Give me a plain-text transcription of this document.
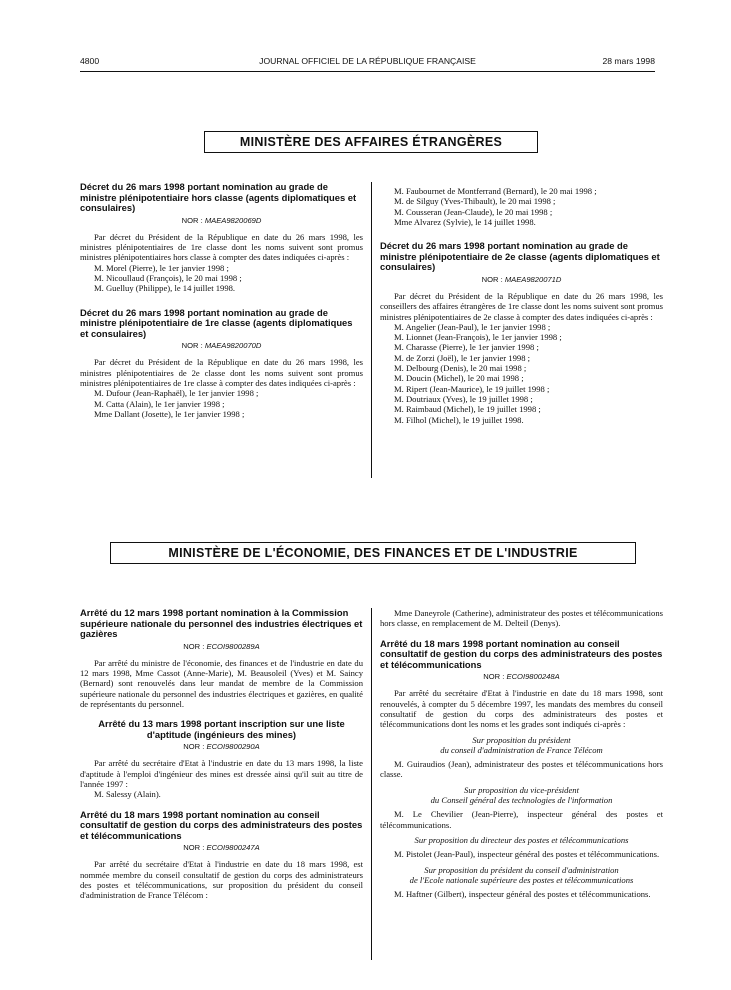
4800	JOURNAL OFFICIEL DE LA RÉPUBLIQUE FRANÇAISE	28 mars 1998
MINISTÈRE DES AFFAIRES ÉTRANGÈRES

Décret du 26 mars 1998 portant nomination au grade de ministre plénipotentiaire hors classe (agents diplomatiques et consulaires)

NOR : MAEA9820069D

Par décret du Président de la République en date du 26 mars 1998, les ministres plénipotentiaires de 1re classe dont les noms suivent sont promus ministres plénipotentiaires hors classe à compter des dates indiquées ci-après :

M. Morel (Pierre), le 1er janvier 1998 ;

M. Nicoullaud (François), le 20 mai 1998 ;

M. Guelluy (Philippe), le 14 juillet 1998.

Décret du 26 mars 1998 portant nomination au grade de ministre plénipotentiaire de 1re classe (agents diplomatiques et consulaires)

NOR : MAEA9820070D

Par décret du Président de la République en date du 26 mars 1998, les ministres plénipotentiaires de 2e classe dont les noms suivent sont promus ministres plénipotentiaires de 1re classe à compter des dates indiquées ci-après :

M. Dufour (Jean-Raphaël), le 1er janvier 1998 ;

M. Catta (Alain), le 1er janvier 1998 ;

Mme Dallant (Josette), le 1er janvier 1998 ;

M. Faubournet de Montferrand (Bernard), le 20 mai 1998 ;

M. de Silguy (Yves-Thibault), le 20 mai 1998 ;

M. Cousseran (Jean-Claude), le 20 mai 1998 ;

Mme Alvarez (Sylvie), le 14 juillet 1998.

Décret du 26 mars 1998 portant nomination au grade de ministre plénipotentiaire de 2e classe (agents diplomatiques et consulaires)

NOR : MAEA9820071D

Par décret du Président de la République en date du 26 mars 1998, les conseillers des affaires étrangères de 1re classe dont les noms suivent sont promus ministres plénipotentiaires de 2e classe à compter des dates indiquées ci-après :

M. Angelier (Jean-Paul), le 1er janvier 1998 ;

M. Lionnet (Jean-François), le 1er janvier 1998 ;

M. Charasse (Pierre), le 1er janvier 1998 ;

M. de Zorzi (Joël), le 1er janvier 1998 ;

M. Delbourg (Denis), le 20 mai 1998 ;

M. Doucin (Michel), le 20 mai 1998 ;

M. Ripert (Jean-Maurice), le 19 juillet 1998 ;

M. Doutriaux (Yves), le 19 juillet 1998 ;

M. Raimbaud (Michel), le 19 juillet 1998 ;

M. Filhol (Michel), le 19 juillet 1998.

MINISTÈRE DE L'ÉCONOMIE, DES FINANCES ET DE L'INDUSTRIE

Arrêté du 12 mars 1998 portant nomination à la Commission supérieure nationale du personnel des industries électriques et gazières

NOR : ECOI9800289A

Par arrêté du ministre de l'économie, des finances et de l'industrie en date du 12 mars 1998, Mme Cassot (Anne-Marie), M. Beausoleil (Yves) et M. Saincy (Bernard) sont renouvelés dans leur mandat de membre de la Commission supérieure nationale du personnel des industries électriques et gazières, en qualité de représentants du personnel.

Arrêté du 13 mars 1998 portant inscription sur une liste d'aptitude (ingénieurs des mines)

NOR : ECOI9800290A

Par arrêté du secrétaire d'Etat à l'industrie en date du 13 mars 1998, la liste d'aptitude à l'emploi d'ingénieur des mines est dressée ainsi qu'il suit au titre de l'année 1997 :

M. Salessy (Alain).

Arrêté du 18 mars 1998 portant nomination au conseil consultatif de gestion du corps des administrateurs des postes et télécommunications

NOR : ECOI9800247A

Par arrêté du secrétaire d'Etat à l'industrie en date du 18 mars 1998, est nommée membre du conseil consultatif de gestion du corps des administrateurs des postes et télécommunications, sur proposition du président du conseil d'administration de France Télécom :

Mme Daneyrole (Catherine), administrateur des postes et télécommunications hors classe, en remplacement de M. Delteil (Denys).

Arrêté du 18 mars 1998 portant nomination au conseil consultatif de gestion du corps des administrateurs des postes et télécommunications

NOR : ECOI9800248A

Par arrêté du secrétaire d'Etat à l'industrie en date du 18 mars 1998, sont renouvelés, à compter du 5 décembre 1997, les mandats des membres du conseil consultatif de gestion du corps des administrateurs des postes et télécommunications dont les noms et les grades sont indiqués ci-après :

Sur proposition du président
du conseil d'administration de France Télécom

M. Guiraudios (Jean), administrateur des postes et télécommunications hors classe.

Sur proposition du vice-président
du Conseil général des technologies de l'information

M. Le Chevilier (Jean-Pierre), inspecteur général des postes et télécommunications.

Sur proposition du directeur des postes et télécommunications

M. Pistolet (Jean-Paul), inspecteur général des postes et télécommunications.

Sur proposition du président du conseil d'administration
de l'Ecole nationale supérieure des postes et télécommunications

M. Haftner (Gilbert), inspecteur général des postes et télécommunications.
